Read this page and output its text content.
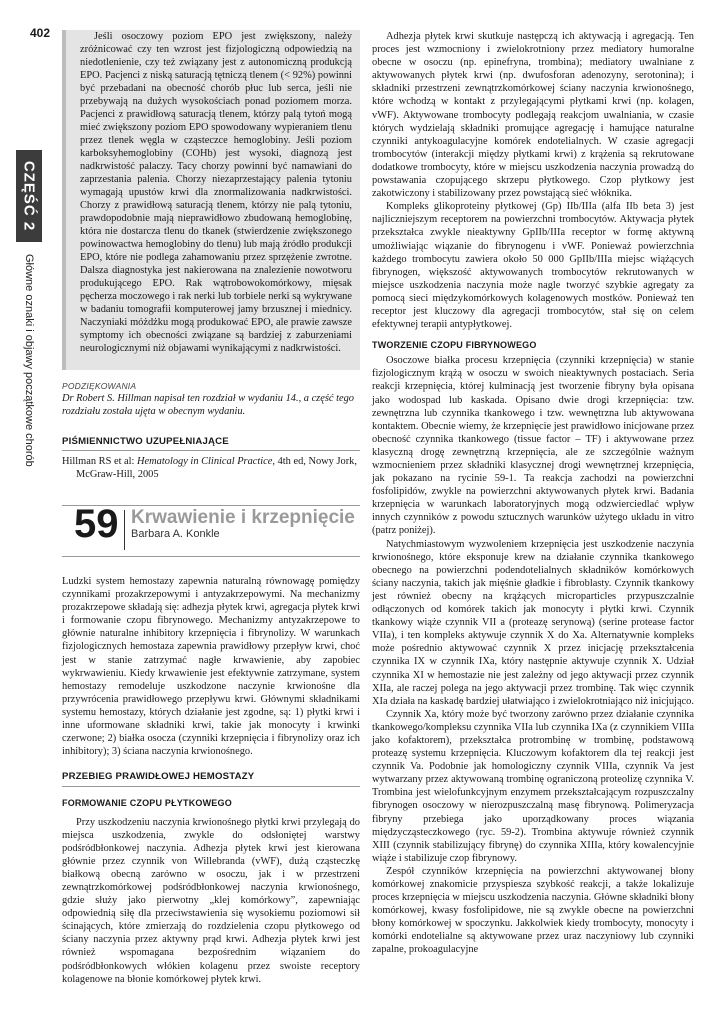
402
CZĘŚĆ 2
Główne oznaki i objawy początkowe chorób

Jeśli osoczowy poziom EPO jest zwiększony, należy zróżnicować czy ten wzrost jest fizjologiczną odpowiedzią na niedotlenienie, czy też związany jest z autonomiczną produkcją EPO. Pacjenci z niską saturacją tętniczą tlenem (< 92%) powinni być przebadani na obecność chorób płuc lub serca, jeśli nie przebywają na dużych wysokościach ponad poziomem morza. Pacjenci z prawidłową saturacją tlenem, którzy palą tytoń mogą mieć zwiększony poziom EPO spowodowany wypieraniem tlenu przez tlenek węgla w cząsteczce hemoglobiny. Jeśli poziom karboksyhemoglobiny (COHb) jest wysoki, diagnozą jest nadkrwistość palaczy. Tacy chorzy powinni być namawiani do zaprzestania palenia. Chorzy niezaprzestający palenia tytoniu wymagają upustów krwi dla znormalizowania nadkrwistości. Chorzy z prawidłową saturacją tlenem, którzy nie palą tytoniu, prawdopodobnie mają nieprawidłowo zbudowaną hemoglobinę, która nie dostarcza tlenu do tkanek (stwierdzenie zwiększonego powinowactwa hemoglobiny do tlenu) lub mają źródło produkcji EPO, które nie podlega zahamowaniu przez sprzężenie zwrotne. Dalsza diagnostyka jest nakierowana na znalezienie nowotworu produkującego EPO. Rak wątrobowokomórkowy, mięsak pęcherza moczowego i rak nerki lub torbiele nerki są wykrywane w badaniu tomografii komputerowej jamy brzusznej i miednicy. Naczyniaki móżdżku mogą produkować EPO, ale prawie zawsze symptomy ich obecności związane są bardziej z zaburzeniami neurologicznymi niż objawami wynikającymi z nadkrwistości.

PODZIĘKOWANIA
Dr Robert S. Hillman napisał ten rozdział w wydaniu 14., a część tego rozdziału została ujęta w obecnym wydaniu.
PIŚMIENNICTWO UZUPEŁNIAJĄCE
Hillman RS et al: Hematology in Clinical Practice, 4th ed, Nowy Jork, McGraw-Hill, 2005
59 Krwawienie i krzepnięcie
Barbara A. Konkle

Ludzki system hemostazy zapewnia naturalną równowagę pomiędzy czynnikami prozakrzepowymi i antyzakrzepowymi. Na mechanizmy prozakrzepowe składają się: adhezja płytek krwi, agregacja płytek krwi i formowanie czopu fibrynowego. Mechanizmy antyzakrzepowe to głównie naturalne inhibitory krzepnięcia i fibrynolizy. W warunkach fizjologicznych hemostaza zapewnia prawidłowy przepływ krwi, choć jest w stanie zatrzymać nagłe krwawienie, aby zapobiec wykrwawieniu. Kiedy krwawienie jest efektywnie zatrzymane, system hemostazy remodeluje uszkodzone naczynie krwionośne dla przywrócenia prawidłowego przepływu krwi. Głównymi składnikami systemu hemostazy, których działanie jest zgodne, są: 1) płytki krwi i inne uformowane składniki krwi, takie jak monocyty i krwinki czerwone; 2) białka osocza (czynniki krzepnięcia i fibrynolizy oraz ich inhibitory); 3) ściana naczynia krwionośnego.

PRZEBIEG PRAWIDŁOWEJ HEMOSTAZY
FORMOWANIE CZOPU PŁYTKOWEGO

Przy uszkodzeniu naczynia krwionośnego płytki krwi przylegają do miejsca uszkodzenia, zwykle do odsłoniętej warstwy podśródbłonkowej naczynia. Adhezja płytek krwi jest kierowana głównie przez czynnik von Willebranda (vWF), dużą cząsteczkę białkową obecną zarówno w osoczu, jak i w przestrzeni zewnątrzkomórkowej podśródbłonkowej naczynia krwionośnego, gdzie służy jako pierwotny „klej komórkowy”, zapewniając odpowiednią siłę dla przeciwstawienia się wysokiemu poziomowi sił ścinających, które zmierzają do rozdzielenia czopu płytkowego od ściany naczynia przez aktywny prąd krwi. Adhezja płytek krwi jest również wspomagana bezpośrednim wiązaniem do podśródbłonkowych włókien kolagenu przez swoiste receptory kolagenowe na błonie komórkowej płytek krwi.

Adhezja płytek krwi skutkuje następczą ich aktywacją i agregacją. Ten proces jest wzmocniony i zwielokrotniony przez mediatory humoralne obecne w osoczu (np. epinefryna, trombina); mediatory uwalniane z aktywowanych płytek krwi (np. dwufosforan adenozyny, serotonina); i składniki przestrzeni zewnątrzkomórkowej ściany naczynia krwionośnego, które wchodzą w kontakt z przylegającymi płytkami krwi (np. kolagen, vWF). Aktywowane trombocyty podlegają reakcjom uwalniania, w czasie których wydzielają składniki promujące agregację i hamujące naturalne czynniki antykoagulacyjne komórek endotelialnych. W czasie agregacji trombocytów (interakcji między płytkami krwi) z krążenia są rekrutowane dodatkowe trombocyty, które w miejscu uszkodzenia naczynia prowadzą do powstawania czopującego skrzepu płytkowego. Czop płytkowy jest zakotwiczony i stabilizowany przez powstającą sieć włóknika.

Kompleks glikoproteiny płytkowej (Gp) IIb/IIIa (alfa IIb beta 3) jest najliczniejszym receptorem na powierzchni trombocytów. Aktywacja płytek przekształca zwykle nieaktywny GpIIb/IIIa receptor w formę aktywną umożliwiając wiązanie do fibrynogenu i vWF. Ponieważ powierzchnia każdego trombocytu zawiera około 50 000 GpIIb/IIIa miejsc wiążących fibrynogen, większość aktywowanych trombocytów rekrutowanych w miejsce uszkodzenia naczynia może nagle tworzyć szybkie agregaty za pomocą sieci międzykomórkowych kolagenowych mostków. Ponieważ ten receptor jest kluczowy dla agregacji trombocytów, stał się on celem efektywnej terapii antypłytkowej.

TWORZENIE CZOPU FIBRYNOWEGO

Osoczowe białka procesu krzepnięcia (czynniki krzepnięcia) w stanie fizjologicznym krążą w osoczu w swoich nieaktywnych postaciach. Seria reakcji krzepnięcia, której kulminacją jest tworzenie fibryny była opisana jako wodospad lub kaskada. Opisano dwie drogi krzepnięcia: tzw. zewnętrzna lub czynnika tkankowego i tzw. wewnętrzna lub aktywowana kontaktem. Obecnie wiemy, że krzepnięcie jest prawidłowo inicjowane przez obecność czynnika tkankowego (tissue factor – TF) i aktywowane przez klasyczną drogę zewnętrzną krzepnięcia, ale ze szczególnie ważnym wzmocnieniem przez składniki klasycznej drogi wewnętrznej krzepnięcia, jak pokazano na rycinie 59-1. Ta reakcja zachodzi na powierzchni fosfolipidów, zwykle na powierzchni aktywowanych płytek krwi. Badania krzepnięcia w warunkach laboratoryjnych mogą odzwierciedlać wpływ innych czynników z powodu sztucznych warunków użytego układu in vitro (patrz poniżej).

Natychmiastowym wyzwoleniem krzepnięcia jest uszkodzenie naczynia krwionośnego, które eksponuje krew na działanie czynnika tkankowego obecnego na powierzchni podendotelialnych składników komórkowych ściany naczynia, takich jak mięśnie gładkie i fibroblasty. Czynnik tkankowy jest również obecny na krążących microparticles przypuszczalnie odłączonych od komórek takich jak monocyty i płytki krwi. Czynnik tkankowy wiąże czynnik VII a (proteazę serynową) (serine protease factor VIIa), i ten kompleks aktywuje czynnik X do Xa. Alternatywnie kompleks może pośrednio aktywować czynnik X przez inicjację przekształcenia czynnika IX w czynnik IXa, który następnie aktywuje czynnik X. Udział czynnika XI w hemostazie nie jest zależny od jego aktywacji przez czynnik XIIa, ale raczej polega na jego aktywacji przez trombinę. Tak więc czynnik XIa działa na kaskadę bardziej ułatwiająco i zwielokrotniająco niż inicjująco.

Czynnik Xa, który może być tworzony zarówno przez działanie czynnika tkankowego/kompleksu czynnika VIIa lub czynnika IXa (z czynnikiem VIIIa jako kofaktorem), przekształca protrombinę w trombinę, podstawową proteazę systemu krzepnięcia. Kluczowym kofaktorem dla tej reakcji jest czynnik Va. Podobnie jak homologiczny czynnik VIIIa, czynnik Va jest wytwarzany przez aktywowaną trombinę ograniczoną proteolizę czynnika V. Trombina jest wielofunkcyjnym enzymem przekształcającym rozpuszczalny fibrynogen osoczowy w nierozpuszczalną masę fibrynową. Polimeryzacja fibryny przebiega jako uporządkowany proces wiązania międzycząsteczkowego (ryc. 59-2). Trombina aktywuje również czynnik XIII (czynnik stabilizujący fibrynę) do czynnika XIIIa, który kowalencyjnie wiąże i stabilizuje czop fibrynowy.

Zespół czynników krzepnięcia na powierzchni aktywowanej błony komórkowej znakomicie przyspiesza szybkość reakcji, a także lokalizuje proces krzepnięcia w miejscu uszkodzenia naczynia. Główne składniki błony komórkowej, kwasy fosfolipidowe, nie są zwykle obecne na powierzchni błony komórkowej w spoczynku. Jakkolwiek kiedy trombocyty, monocyty i komórki endotelialne są aktywowane przez uraz naczyniowy lub czynniki zapalne, prokoagulacyjne
